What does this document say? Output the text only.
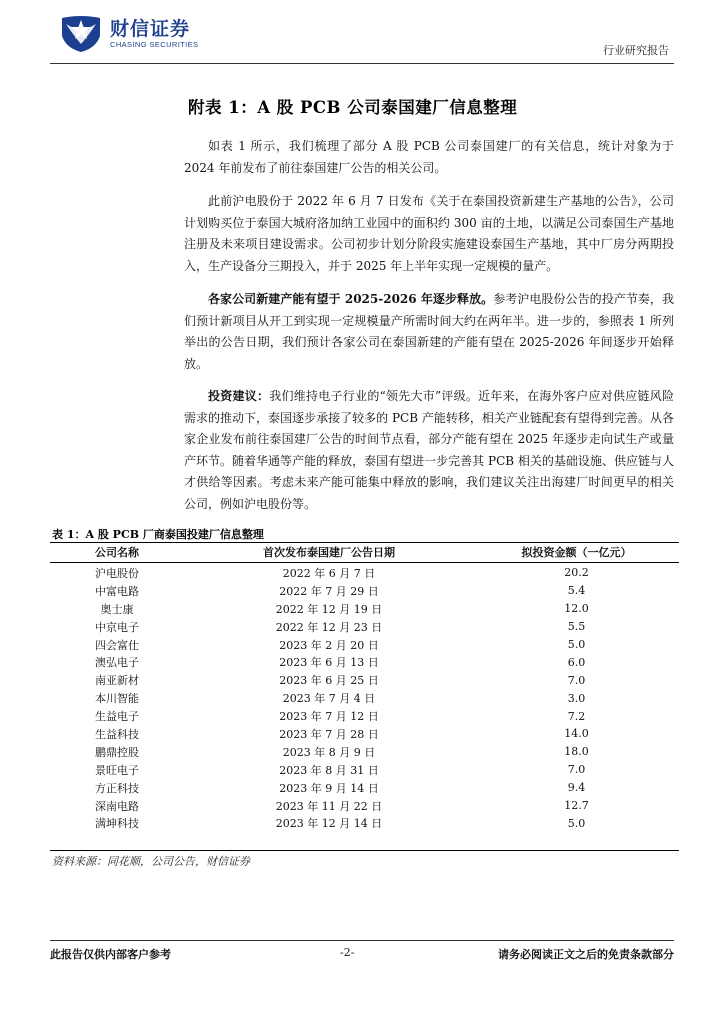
财信证券
CHASING SECURITIES	行业研究报告
附表 1：A 股 PCB 公司泰国建厂信息整理

如表 1 所示，我们梳理了部分 A 股 PCB 公司泰国建厂的有关信息，统计对象为于 2024 年前发布了前往泰国建厂公告的相关公司。

此前沪电股份于 2022 年 6 月 7 日发布《关于在泰国投资新建生产基地的公告》，公司计划购买位于泰国大城府洛加纳工业园中的面积约 300 亩的土地，以满足公司泰国生产基地注册及未来项目建设需求。公司初步计划分阶段实施建设泰国生产基地，其中厂房分两期投入，生产设备分三期投入，并于 2025 年上半年实现一定规模的量产。

各家公司新建产能有望于 2025-2026 年逐步释放。参考沪电股份公告的投产节奏，我们预计新项目从开工到实现一定规模量产所需时间大约在两年半。进一步的，参照表 1 所列举出的公告日期，我们预计各家公司在泰国新建的产能有望在 2025-2026 年间逐步开始释放。

投资建议：我们维持电子行业的“领先大市”评级。近年来，在海外客户应对供应链风险需求的推动下，泰国逐步承接了较多的 PCB 产能转移，相关产业链配套有望得到完善。从各家企业发布前往泰国建厂公告的时间节点看，部分产能有望在 2025 年逐步走向试生产或量产环节。随着华通等产能的释放，泰国有望进一步完善其 PCB 相关的基础设施、供应链与人才供给等因素。考虑未来产能可能集中释放的影响，我们建议关注出海建厂时间更早的相关公司，例如沪电股份等。

表 1：A 股 PCB 厂商泰国投建厂信息整理
公司名称	首次发布泰国建厂公告日期	拟投资金额（一亿元）
沪电股份	2022 年 6 月 7 日	20.2
中富电路	2022 年 7 月 29 日	5.4
奥士康	2022 年 12 月 19 日	12.0
中京电子	2022 年 12 月 23 日	5.5
四会富仕	2023 年 2 月 20 日	5.0
澳弘电子	2023 年 6 月 13 日	6.0
南亚新材	2023 年 6 月 25 日	7.0
本川智能	2023 年 7 月 4 日	3.0
生益电子	2023 年 7 月 12 日	7.2
生益科技	2023 年 7 月 28 日	14.0
鹏鼎控股	2023 年 8 月 9 日	18.0
景旺电子	2023 年 8 月 31 日	7.0
方正科技	2023 年 9 月 14 日	9.4
深南电路	2023 年 11 月 22 日	12.7
满坤科技	2023 年 12 月 14 日	5.0
资料来源：同花顺，公司公告，财信证券
此报告仅供内部客户参考	-2-	请务必阅读正文之后的免责条款部分
